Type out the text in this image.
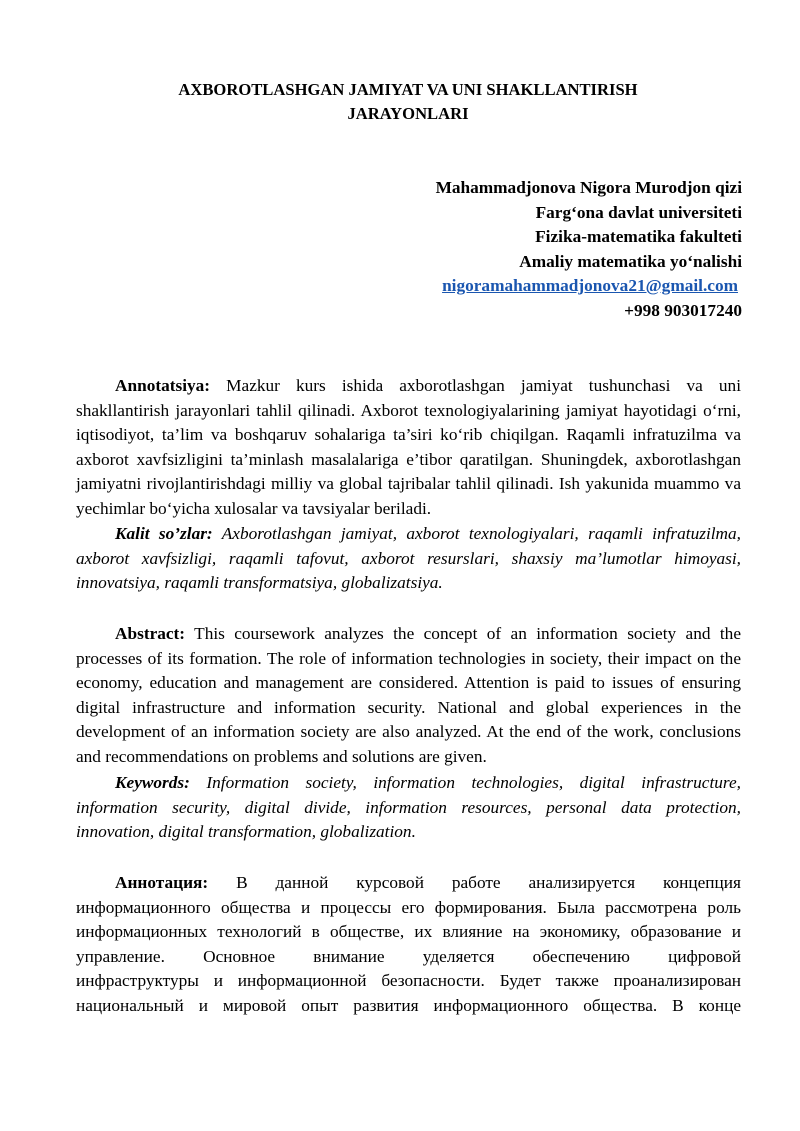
AXBOROTLASHGAN JAMIYAT VA UNI SHAKLLANTIRISH
JARAYONLARI
Mahammadjonova Nigora Murodjon qizi
Farg‘ona davlat universiteti
Fizika-matematika fakulteti
Amaliy matematika yo‘nalishi
nigoramahammadjonova21@gmail.com
+998 903017240
Annotatsiya: Mazkur kurs ishida axborotlashgan jamiyat tushunchasi va uni shakllantirish jarayonlari tahlil qilinadi. Axborot texnologiyalarining jamiyat hayotidagi o‘rni, iqtisodiyot, ta’lim va boshqaruv sohalariga ta’siri ko‘rib chiqilgan. Raqamli infratuzilma va axborot xavfsizligini ta’minlash masalalariga e’tibor qaratilgan. Shuningdek, axborotlashgan jamiyatni rivojlantirishdagi milliy va global tajribalar tahlil qilinadi. Ish yakunida muammo va yechimlar bo‘yicha xulosalar va tavsiyalar beriladi.
Kalit so’zlar: Axborotlashgan jamiyat, axborot texnologiyalari, raqamli infratuzilma, axborot xavfsizligi, raqamli tafovut, axborot resurslari, shaxsiy ma’lumotlar himoyasi, innovatsiya, raqamli transformatsiya, globalizatsiya.
Abstract: This coursework analyzes the concept of an information society and the processes of its formation. The role of information technologies in society, their impact on the economy, education and management are considered. Attention is paid to issues of ensuring digital infrastructure and information security. National and global experiences in the development of an information society are also analyzed. At the end of the work, conclusions and recommendations on problems and solutions are given.
Keywords: Information society, information technologies, digital infrastructure, information security, digital divide, information resources, personal data protection, innovation, digital transformation, globalization.
Аннотация: В данной курсовой работе анализируется концепция
информационного общества и процессы его формирования. Была рассмотрена роль
информационных технологий в обществе, их влияние на экономику, образование и
управление. Основное внимание уделяется обеспечению цифровой
инфраструктуры и информационной безопасности. Будет также проанализирован
национальный и мировой опыт развития информационного общества. В конце
